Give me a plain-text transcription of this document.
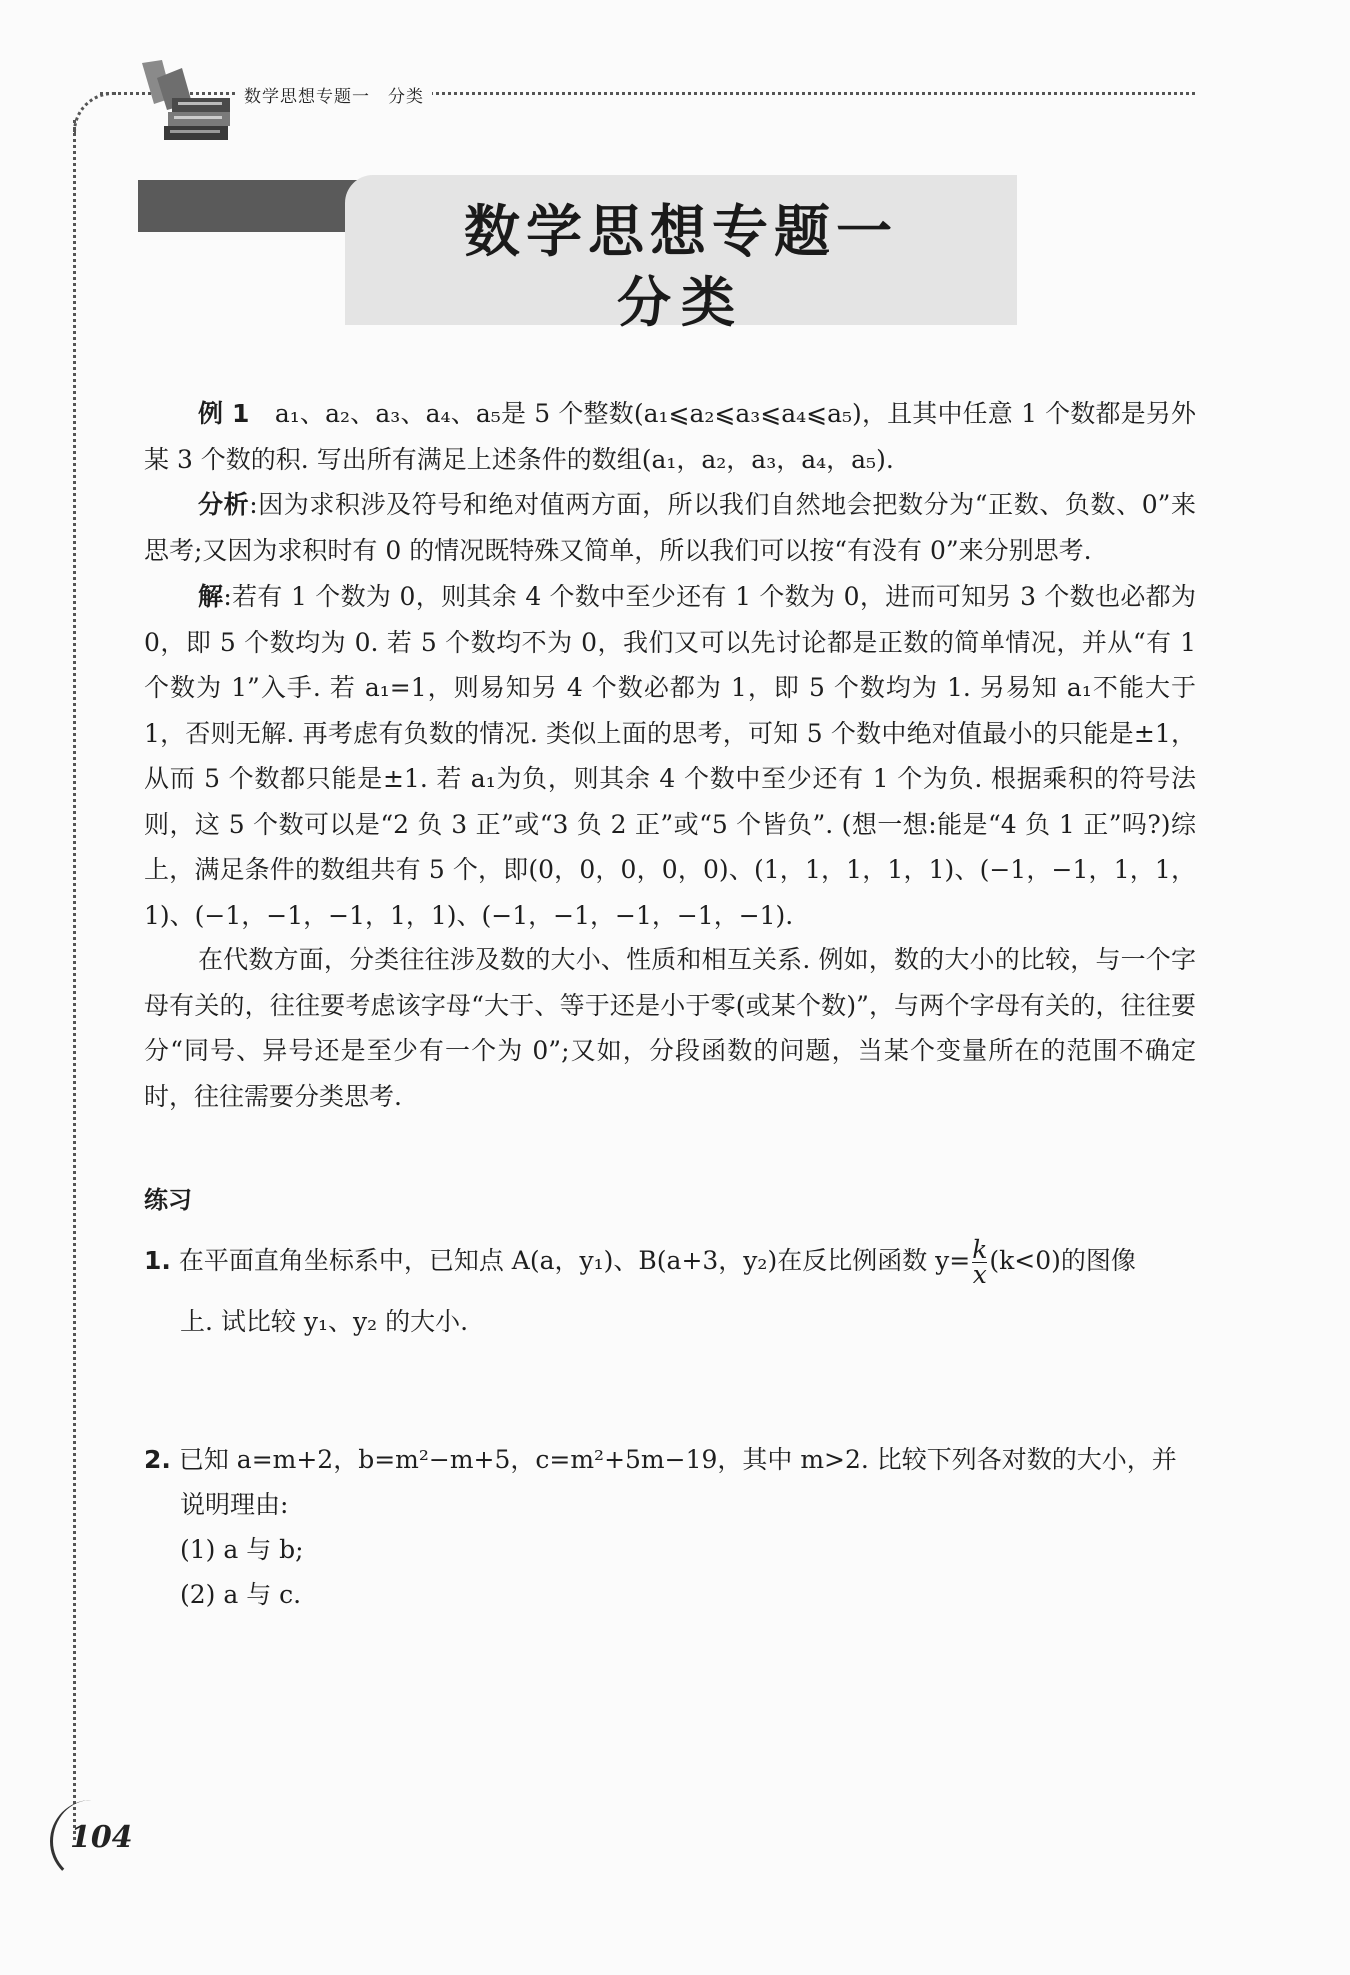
数学思想专题一　分类
数学思想专题一
分类
例 1　 a₁、a₂、a₃、a₄、a₅是 5 个整数(a₁⩽a₂⩽a₃⩽a₄⩽a₅)，且其中任意 1 个数都是另外某 3 个数的积. 写出所有满足上述条件的数组(a₁，a₂，a₃，a₄，a₅).
分析:因为求积涉及符号和绝对值两方面，所以我们自然地会把数分为“正数、负数、0”来思考;又因为求积时有 0 的情况既特殊又简单，所以我们可以按“有没有 0”来分别思考.
解:若有 1 个数为 0，则其余 4 个数中至少还有 1 个数为 0，进而可知另 3 个数也必都为 0，即 5 个数均为 0. 若 5 个数均不为 0，我们又可以先讨论都是正数的简单情况，并从“有 1 个数为 1”入手. 若 a₁=1，则易知另 4 个数必都为 1，即 5 个数均为 1. 另易知 a₁不能大于 1，否则无解. 再考虑有负数的情况. 类似上面的思考，可知 5 个数中绝对值最小的只能是±1，从而 5 个数都只能是±1. 若 a₁为负，则其余 4 个数中至少还有 1 个为负. 根据乘积的符号法则，这 5 个数可以是“2 负 3 正”或“3 负 2 正”或“5 个皆负”. (想一想:能是“4 负 1 正”吗?)综上，满足条件的数组共有 5 个，即(0，0，0，0，0)、(1，1，1，1，1)、(−1，−1，1，1，1)、(−1，−1，−1，1，1)、(−1，−1，−1，−1，−1).
在代数方面，分类往往涉及数的大小、性质和相互关系. 例如，数的大小的比较，与一个字母有关的，往往要考虑该字母“大于、等于还是小于零(或某个数)”，与两个字母有关的，往往要分“同号、异号还是至少有一个为 0”;又如，分段函数的问题，当某个变量所在的范围不确定时，往往需要分类思考.
练习
1. 在平面直角坐标系中，已知点 A(a，y₁)、B(a+3，y₂)在反比例函数 $y= \frac{k}{x} (k<0)$的图像
上. 试比较 y₁、y₂ 的大小.
2. 已知 a=m+2，b=m²−m+5，c=m²+5m−19，其中 m>2. 比较下列各对数的大小，并
说明理由:
(1) a 与 b;
(2) a 与 c.
104
